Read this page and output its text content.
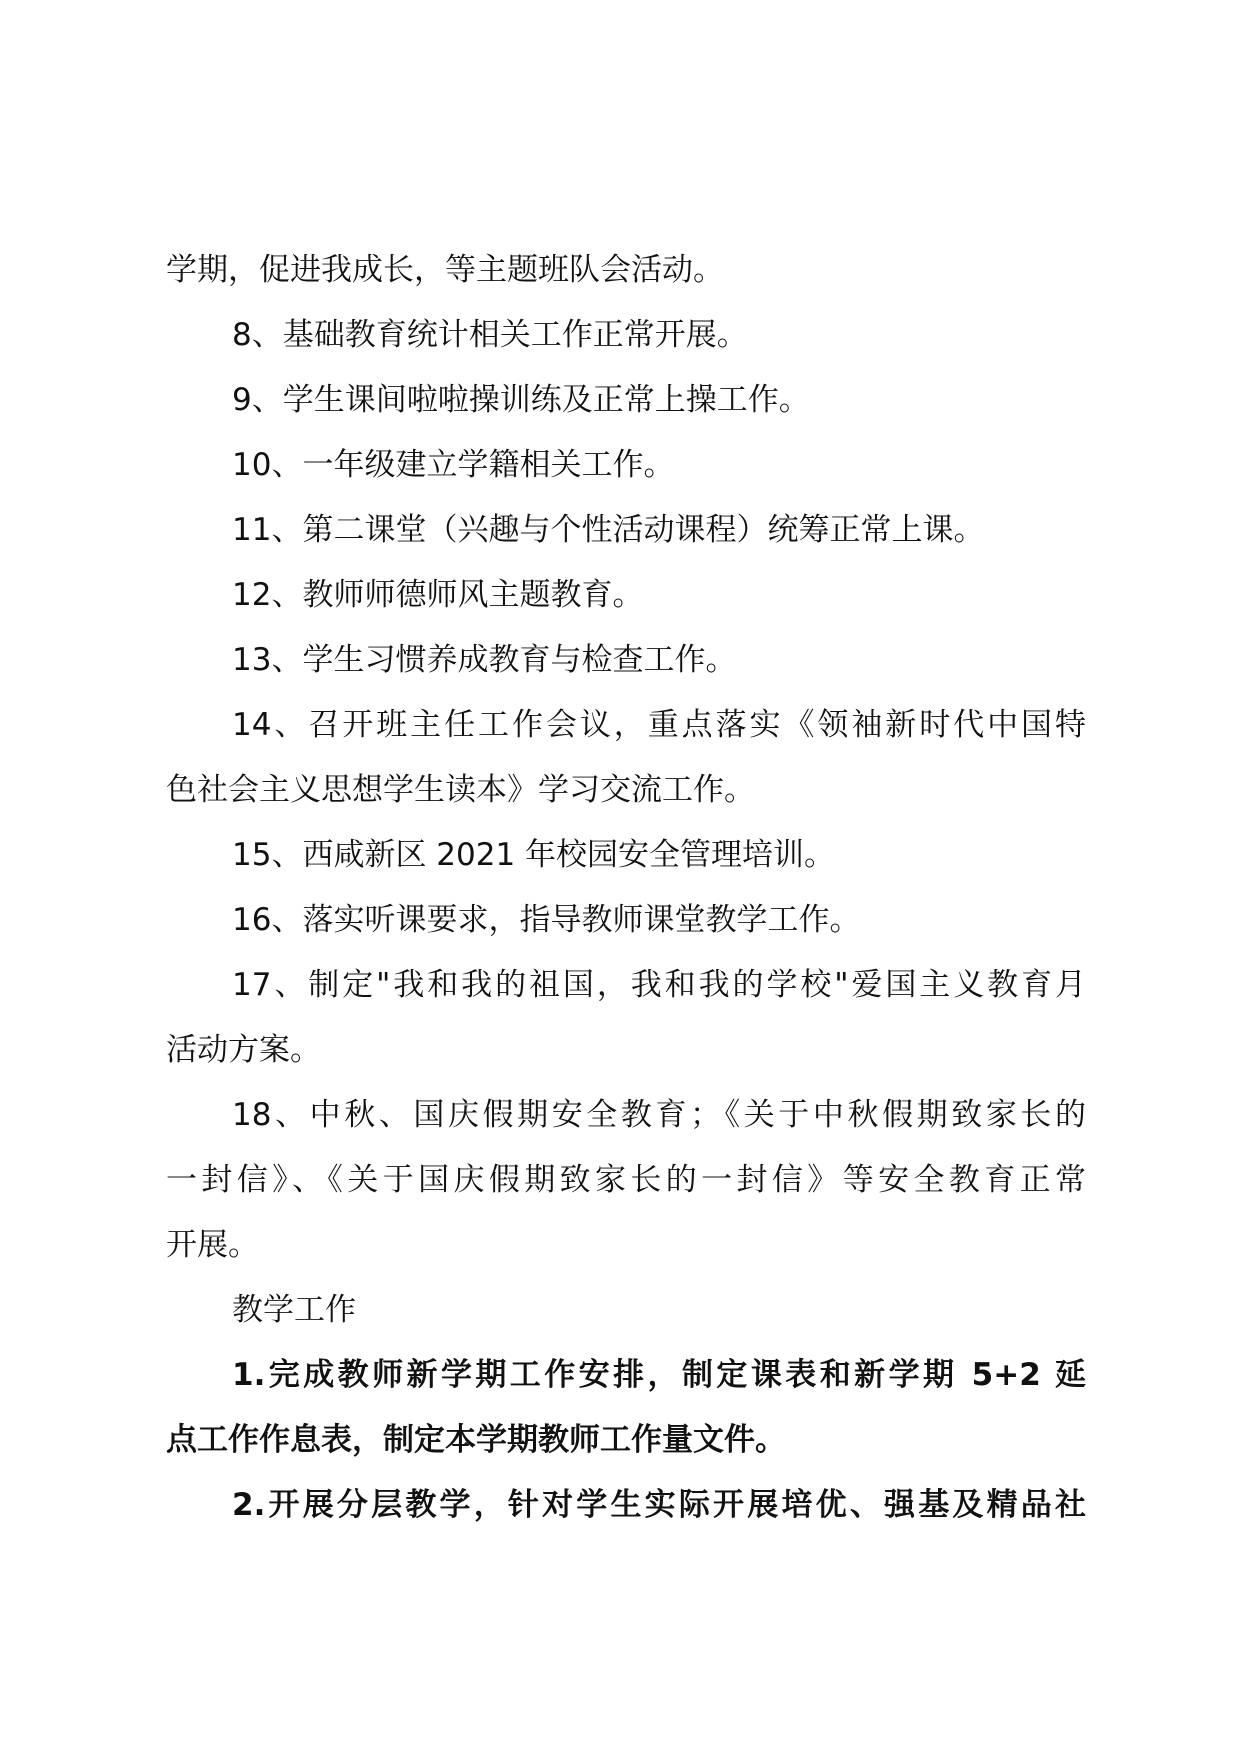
学期，促进我成长，等主题班队会活动。
8、基础教育统计相关工作正常开展。
9、学生课间啦啦操训练及正常上操工作。
10、一年级建立学籍相关工作。
11、第二课堂（兴趣与个性活动课程）统筹正常上课。
12、教师师德师风主题教育。
13、学生习惯养成教育与检查工作。
14、召开班主任工作会议，重点落实《领袖新时代中国特
色社会主义思想学生读本》学习交流工作。
15、西咸新区 2021 年校园安全管理培训。
16、落实听课要求，指导教师课堂教学工作。
17、制定"我和我的祖国，我和我的学校"爱国主义教育月
活动方案。
18、中秋、国庆假期安全教育；《关于中秋假期致家长的
一封信》、《关于国庆假期致家长的一封信》等安全教育正常
开展。
教学工作
1.完成教师新学期工作安排，制定课表和新学期 5+2 延
点工作作息表，制定本学期教师工作量文件。
2.开展分层教学，针对学生实际开展培优、强基及精品社
